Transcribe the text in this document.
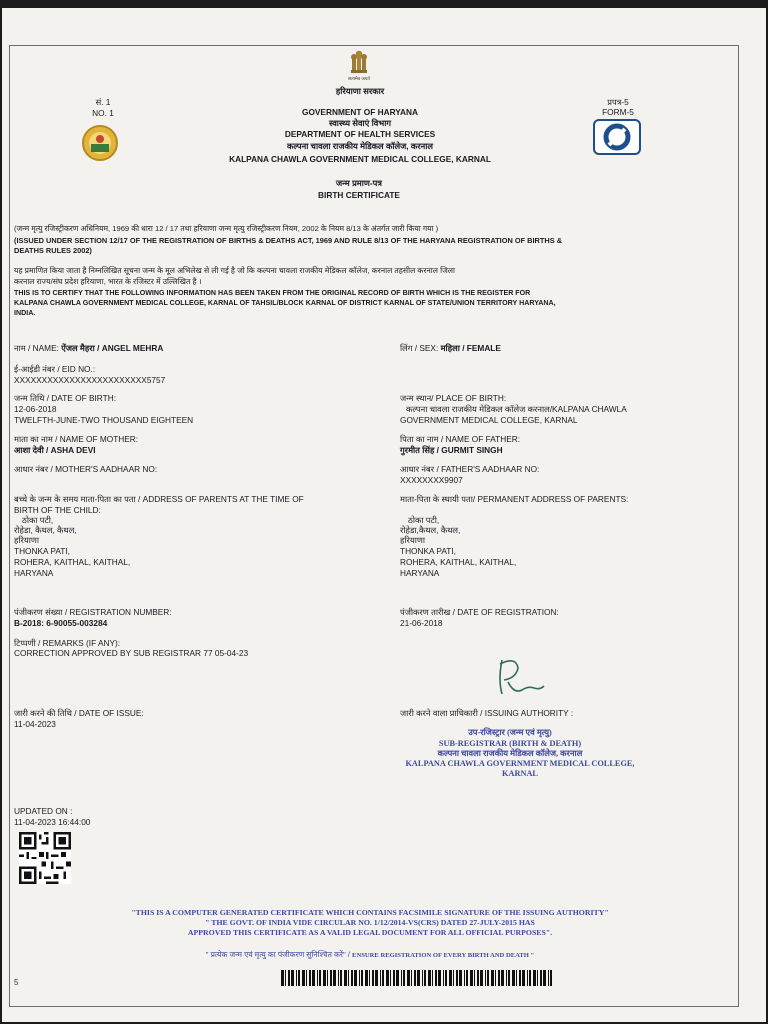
सत्यमेव जयते
सं. 1
NO. 1
प्रपत्र-5
FORM-5
हरियाणा सरकार
GOVERNMENT OF HARYANA
स्वास्थ्य सेवाएं विभाग
DEPARTMENT OF HEALTH SERVICES
कल्पना चावला राजकीय मेडिकल कॉलेज, करनाल
KALPANA CHAWLA GOVERNMENT MEDICAL COLLEGE, KARNAL
जन्म प्रमाण-पत्र
BIRTH CERTIFICATE
(जन्म मृत्यु रजिस्ट्रीकरण अधिनियम, 1969 की धारा 12 / 17 तथा हरियाणा जन्म मृत्यु रजिस्ट्रीकरण नियम, 2002 के नियम 8/13 के अंतर्गत जारी किया गया )
(ISSUED UNDER SECTION 12/17 OF THE REGISTRATION OF BIRTHS & DEATHS ACT, 1969 AND RULE 8/13 OF THE HARYANA REGISTRATION OF BIRTHS &
DEATHS RULES 2002)
यह प्रमाणित किया जाता है निम्नलिखित सूचना जन्म के मूल अभिलेख से ली गई है जो कि कल्पना चावला राजकीय मेडिकल कॉलेज, करनाल तहसील करनाल जिला
करनाल राज्य/संघ प्रदेश हरियाणा, भारत के रजिस्टर में उल्लिखित है ।
THIS IS TO CERTIFY THAT THE FOLLOWING INFORMATION HAS BEEN TAKEN FROM THE ORIGINAL RECORD OF BIRTH WHICH IS THE REGISTER FOR
KALPANA CHAWLA GOVERNMENT MEDICAL COLLEGE, KARNAL OF TAHSIL/BLOCK KARNAL OF DISTRICT KARNAL OF STATE/UNION TERRITORY HARYANA,
INDIA.
नाम / NAME: ऐंजल मैहरा / ANGEL MEHRA	लिंग / SEX: महिला / FEMALE
ई-आईडी नंबर / EID NO.:
XXXXXXXXXXXXXXXXXXXXXXXX5757
जन्म तिथि / DATE OF BIRTH:
12-06-2018
TWELFTH-JUNE-TWO THOUSAND EIGHTEEN
जन्म स्थान/ PLACE OF BIRTH:
कल्पना चावला राजकीय मेडिकल कॉलेज करनाल/KALPANA CHAWLA
GOVERNMENT MEDICAL COLLEGE, KARNAL
माता का नाम / NAME OF MOTHER:
आशा देवी / ASHA DEVI
पिता का नाम / NAME OF FATHER:
गुरमीत सिंह / GURMIT SINGH
आधार नंबर / MOTHER'S AADHAAR NO:	आधार नंबर / FATHER'S AADHAAR NO:
XXXXXXXX9907
बच्चे के जन्म के समय माता-पिता का पता / ADDRESS OF PARENTS AT THE TIME OF
BIRTH OF THE CHILD:
ठोका पटी,
रोहेडा, कैथल, कैथल,
हरियाणा
THONKA PATI,
ROHERA, KAITHAL, KAITHAL,
HARYANA
माता-पिता के स्थायी पता/ PERMANENT ADDRESS OF PARENTS:
ठोका पटी,
रोहेडा,कैथल, कैथल,
हरियाणा
THONKA PATI,
ROHERA, KAITHAL, KAITHAL,
HARYANA
पंजीकरण संख्या / REGISTRATION NUMBER:
B-2018: 6-90055-003284
पंजीकरण तारीख / DATE OF REGISTRATION:
21-06-2018
टिप्पणी / REMARKS (IF ANY):
CORRECTION APPROVED BY SUB REGISTRAR 77 05-04-23
जारी करने की तिथि / DATE OF ISSUE:
11-04-2023
जारी करने वाला प्राधिकारी / ISSUING AUTHORITY :
उप-रजिस्ट्रार (जन्म एवं मृत्यु)
SUB-REGISTRAR (BIRTH & DEATH)
कल्पना चावला राजकीय मेडिकल कॉलेज, करनाल
KALPANA CHAWLA GOVERNMENT MEDICAL COLLEGE,
KARNAL
UPDATED ON :
11-04-2023 16:44:00
"THIS IS A COMPUTER GENERATED CERTIFICATE WHICH CONTAINS FACSIMILE SIGNATURE OF THE ISSUING AUTHORITY"
" THE GOVT. OF INDIA VIDE CIRCULAR NO. 1/12/2014-VS(CRS) DATED 27-JULY-2015 HAS
APPROVED THIS CERTIFICATE AS A VALID LEGAL DOCUMENT FOR ALL OFFICIAL PURPOSES".
" प्रत्येक जन्म एवं मृत्यु का पंजीकरण सुनिश्चित करें" / ENSURE REGISTRATION OF EVERY BIRTH AND DEATH "
5
